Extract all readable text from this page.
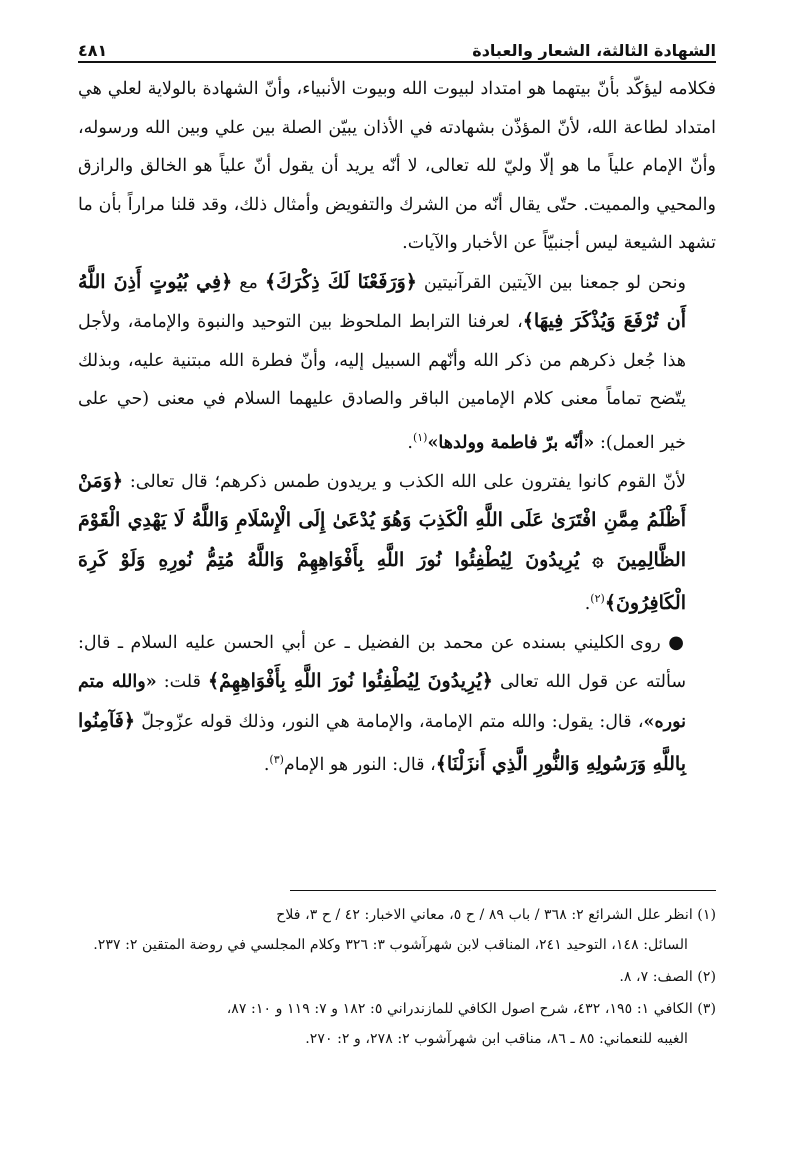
الشهادة الثالثة، الشعار والعبادة
٤٨١

فكلامه ليؤكّد بأنّ بيتهما هو امتداد لبيوت الله وبيوت الأنبياء، وأنّ الشهادة بالولاية لعلي هي امتداد لطاعة الله، لأنّ المؤذّن بشهادته في الأذان يبيّن الصلة بين علي وبين الله ورسوله، وأنّ الإمام علياً ما هو إلّا وليّ لله تعالى، لا أنّه يريد أن يقول أنّ علياً هو الخالق والرازق والمحيي والمميت. حتّى يقال أنّه من الشرك والتفويض وأمثال ذلك، وقد قلنا مراراً بأن ما تشهد الشيعة ليس أجنبيّاً عن الأخبار والآيات.

ونحن لو جمعنا بين الآيتين القرآنيتين ﴿وَرَفَعْنَا لَكَ ذِكْرَكَ﴾ مع ﴿فِي بُيُوتٍ أَذِنَ اللَّهُ أَن تُرْفَعَ وَيُذْكَرَ فِيهَا﴾، لعرفنا الترابط الملحوظ بين التوحيد والنبوة والإمامة، ولأجل هذا جُعل ذكرهم من ذكر الله وأنّهم السبيل إليه، وأنّ فطرة الله مبتنية عليه، وبذلك يتّضح تماماً معنى كلام الإمامين الباقر والصادق عليهما السلام في معنى (حي على خير العمل): «أنّه برّ فاطمة وولدها»$^{(١)}$.

لأنّ القوم كانوا يفترون على الله الكذب و يريدون طمس ذكرهم؛ قال تعالى: ﴿وَمَنْ أَظْلَمُ مِمَّنِ افْتَرَىٰ عَلَى اللَّهِ الْكَذِبَ وَهُوَ يُدْعَىٰ إِلَى الْإِسْلَامِ وَاللَّهُ لَا يَهْدِي الْقَوْمَ الظَّالِمِينَ ۞ يُرِيدُونَ لِيُطْفِئُوا نُورَ اللَّهِ بِأَفْوَاهِهِمْ وَاللَّهُ مُتِمُّ نُورِهِ وَلَوْ كَرِهَ الْكَافِرُونَ﴾$^{(٢)}$.

● روى الكليني بسنده عن محمد بن الفضيل ـ عن أبي الحسن عليه السلام ـ قال: سألته عن قول الله تعالى ﴿يُرِيدُونَ لِيُطْفِئُوا نُورَ اللَّهِ بِأَفْوَاهِهِمْ﴾ قلت: «والله متم نوره»، قال: يقول: والله متم الإمامة، والإمامة هي النور، وذلك قوله عزّوجلّ ﴿فَآمِنُوا بِاللَّهِ وَرَسُولِهِ وَالنُّورِ الَّذِي أَنزَلْنَا﴾، قال: النور هو الإمام$^{(٣)}$.

(١) انظر علل الشرائع ٢: ٣٦٨ / باب ٨٩ / ح ٥، معاني الاخبار: ٤٢ / ح ٣، فلاح
السائل: ١٤٨، التوحيد ٢٤١، المناقب لابن شهرآشوب ٣: ٣٢٦ وكلام المجلسي في روضة المتقين ٢: ٢٣٧.

(٢) الصف: ٧، ٨.

(٣) الكافي ١: ١٩٥، ٤٣٢، شرح اصول الكافي للمازندراني ٥: ١٨٢ و ٧: ١١٩ و ١٠: ٨٧،
الغيبه للنعماني: ٨٥ ـ ٨٦، مناقب ابن شهرآشوب ٢: ٢٧٨، و ٢: ٢٧٠.
